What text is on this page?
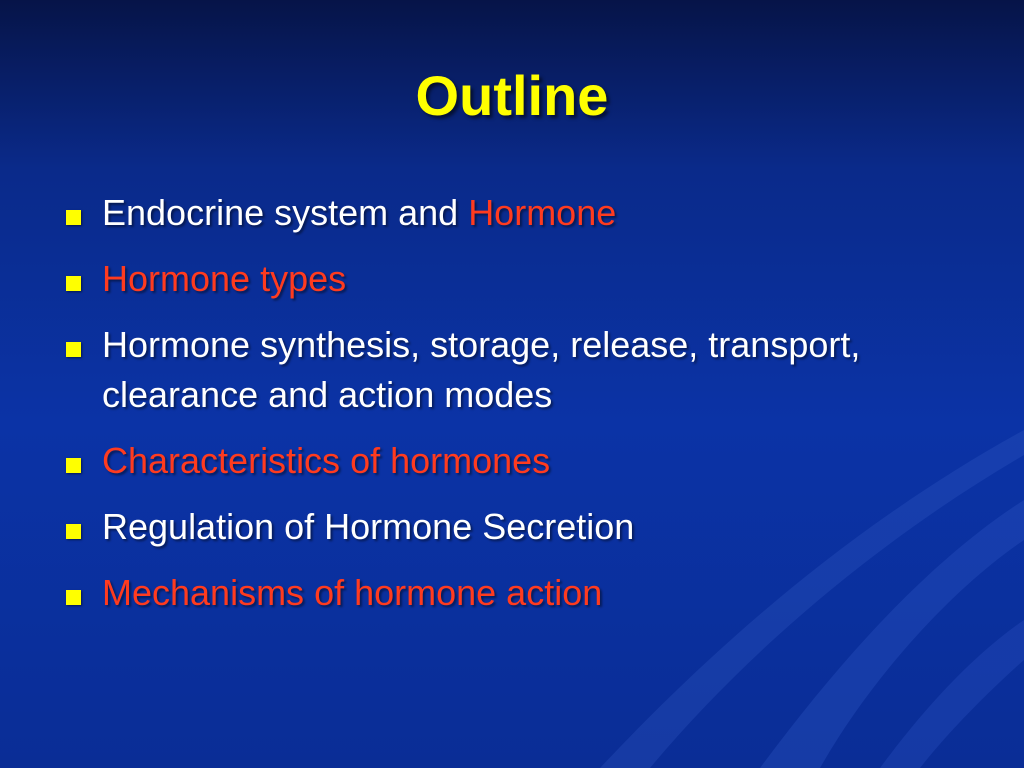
Outline
Endocrine system and Hormone
Hormone types
Hormone synthesis, storage, release, transport, clearance and action modes
Characteristics of hormones
Regulation of Hormone Secretion
Mechanisms of hormone action
